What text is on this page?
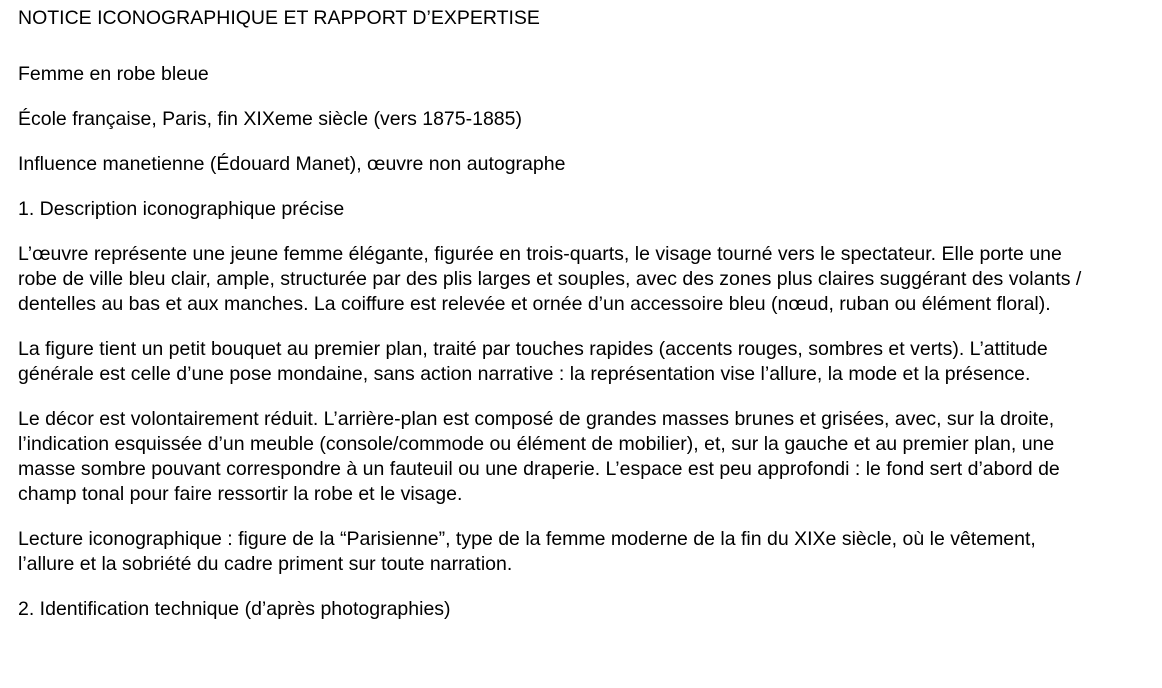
NOTICE ICONOGRAPHIQUE ET RAPPORT D’EXPERTISE

Femme en robe bleue

École française, Paris, fin XIXeme siècle (vers 1875-1885)

Influence manetienne (Édouard Manet), œuvre non autographe

1. Description iconographique précise

L’œuvre représente une jeune femme élégante, figurée en trois-quarts, le visage tourné vers le spectateur. Elle porte une robe de ville bleu clair, ample, structurée par des plis larges et souples, avec des zones plus claires suggérant des volants / dentelles au bas et aux manches. La coiffure est relevée et ornée d’un accessoire bleu (nœud, ruban ou élément floral).

La figure tient un petit bouquet au premier plan, traité par touches rapides (accents rouges, sombres et verts). L’attitude générale est celle d’une pose mondaine, sans action narrative : la représentation vise l’allure, la mode et la présence.

Le décor est volontairement réduit. L’arrière-plan est composé de grandes masses brunes et grisées, avec, sur la droite, l’indication esquissée d’un meuble (console/commode ou élément de mobilier), et, sur la gauche et au premier plan, une masse sombre pouvant correspondre à un fauteuil ou une draperie. L’espace est peu approfondi : le fond sert d’abord de champ tonal pour faire ressortir la robe et le visage.

Lecture iconographique : figure de la “Parisienne”, type de la femme moderne de la fin du XIXe siècle, où le vêtement, l’allure et la sobriété du cadre priment sur toute narration.

2. Identification technique (d’après photographies)
